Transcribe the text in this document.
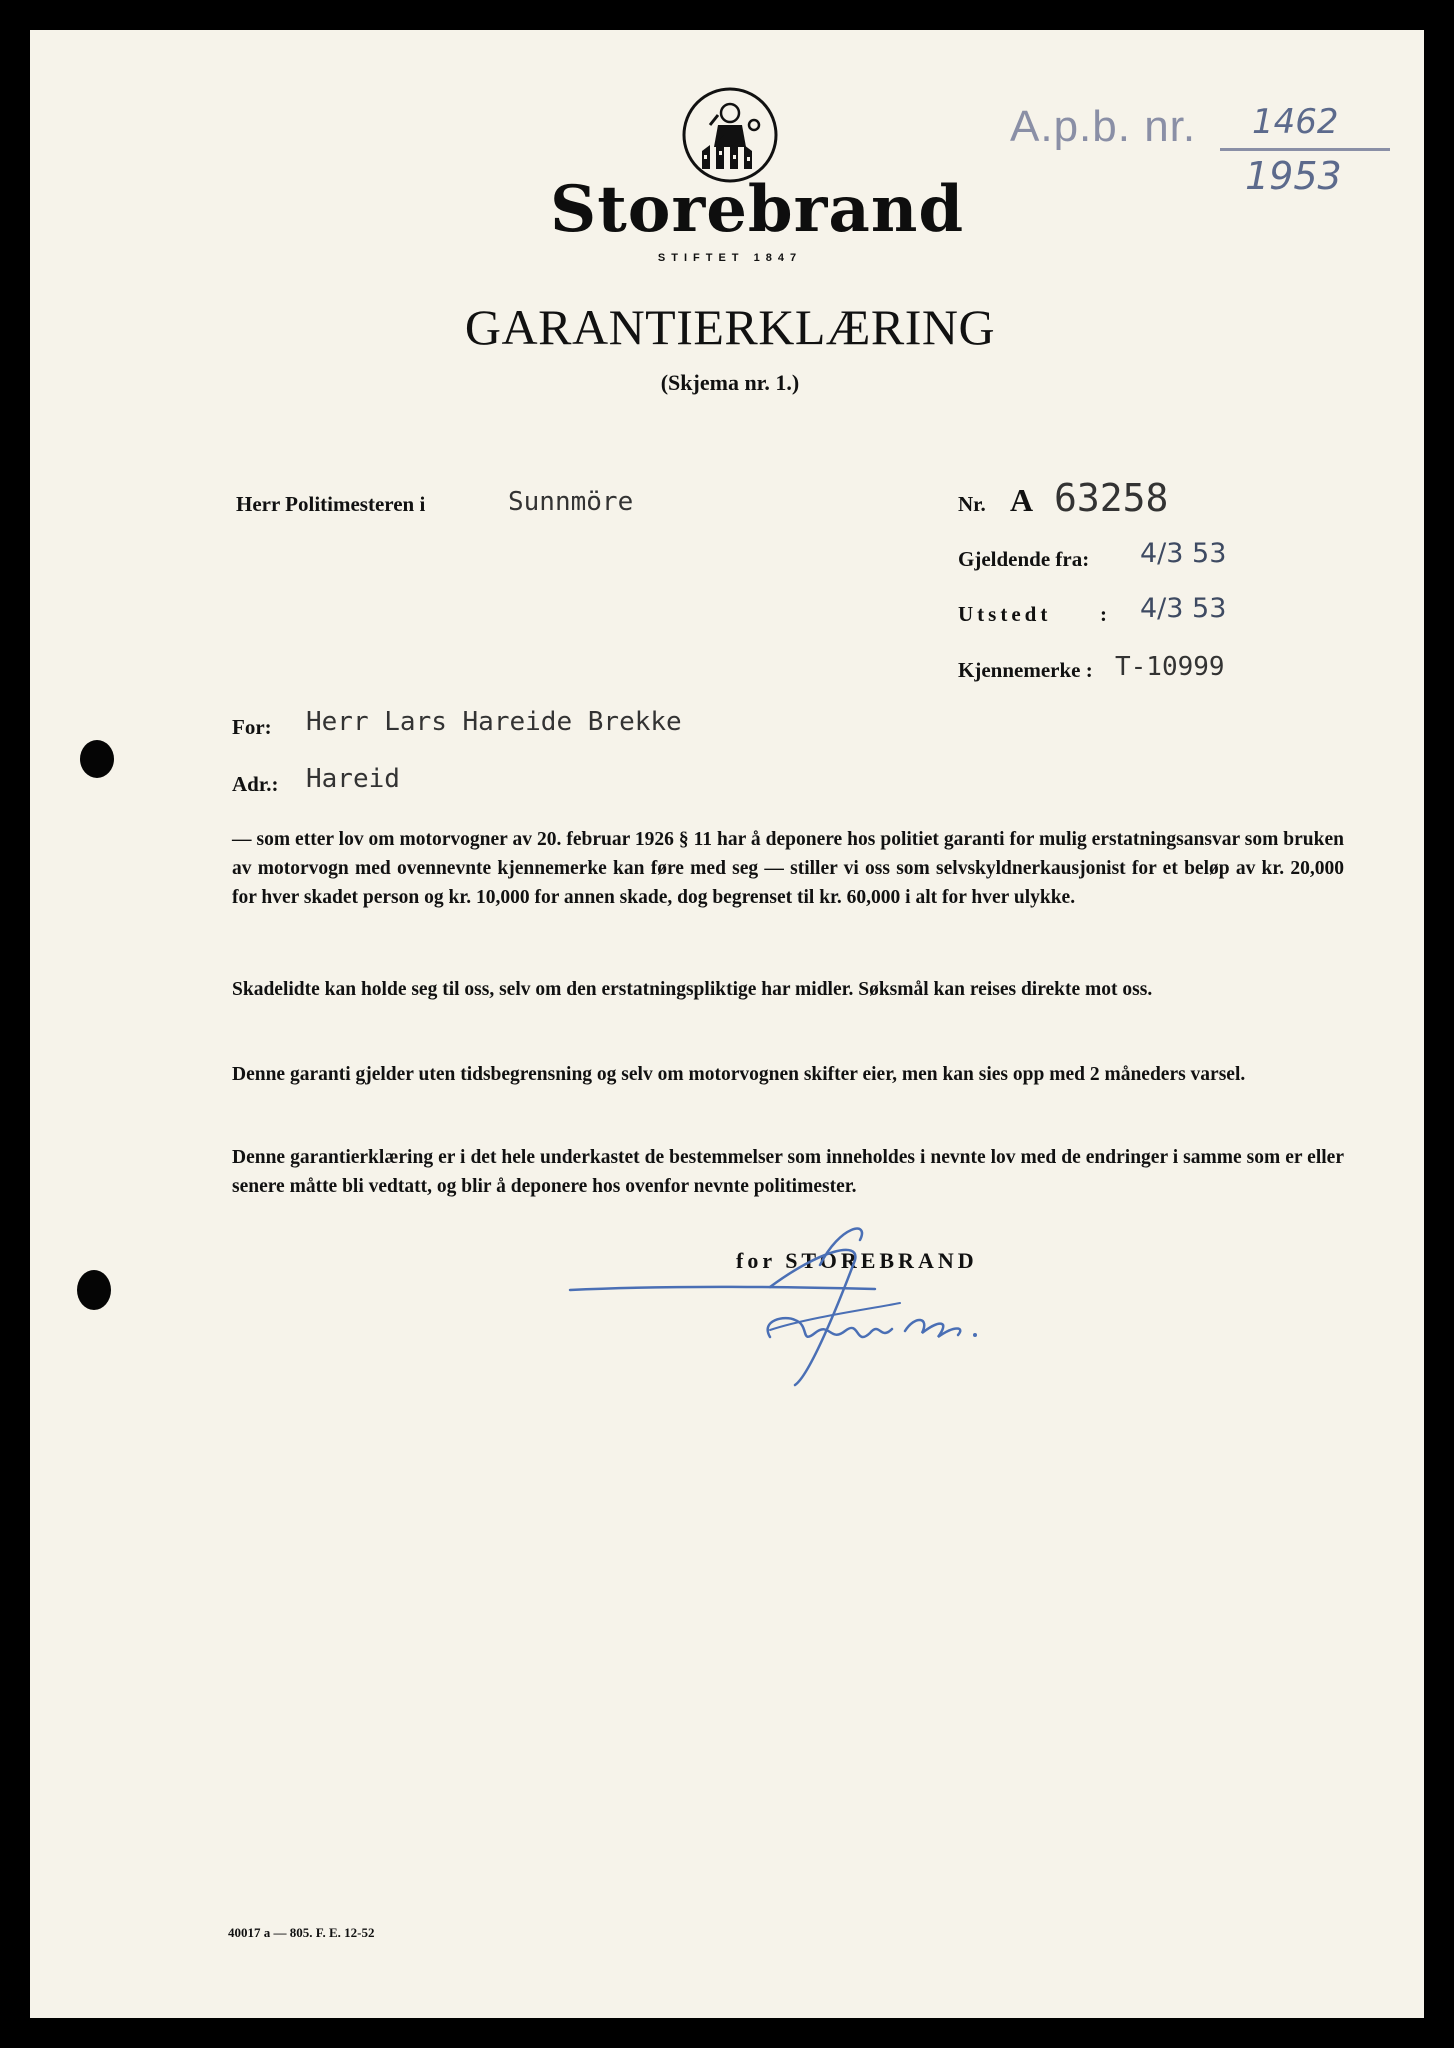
Storebrand
STIFTET 1847
A.p.b. nr. 1462
1953
GARANTIERKLÆRING
(Skjema nr. 1.)
Herr Politimesteren i	Sunnmöre	Nr. A 63258
Gjeldende fra: 4/3 53
Utstedt : 4/3 53
Kjennemerke : T-10999
For: Herr Lars Hareide Brekke
Adr.: Hareid
— som etter lov om motorvogner av 20. februar 1926 § 11 har å deponere hos politiet garanti for mulig erstatningsansvar som bruken av motorvogn med ovennevnte kjennemerke kan føre med seg — stiller vi oss som selvskyldnerkausjonist for et beløp av kr. 20,000 for hver skadet person og kr. 10,000 for annen skade, dog begrenset til kr. 60,000 i alt for hver ulykke.
Skadelidte kan holde seg til oss, selv om den erstatningspliktige har midler. Søksmål kan reises direkte mot oss.
Denne garanti gjelder uten tidsbegrensning og selv om motorvognen skifter eier, men kan sies opp med 2 måneders varsel.
Denne garantierklæring er i det hele underkastet de bestemmelser som inneholdes i nevnte lov med de endringer i samme som er eller senere måtte bli vedtatt, og blir å deponere hos ovenfor nevnte politimester.
for STOREBRAND
40017 a — 805. F. E. 12-52
